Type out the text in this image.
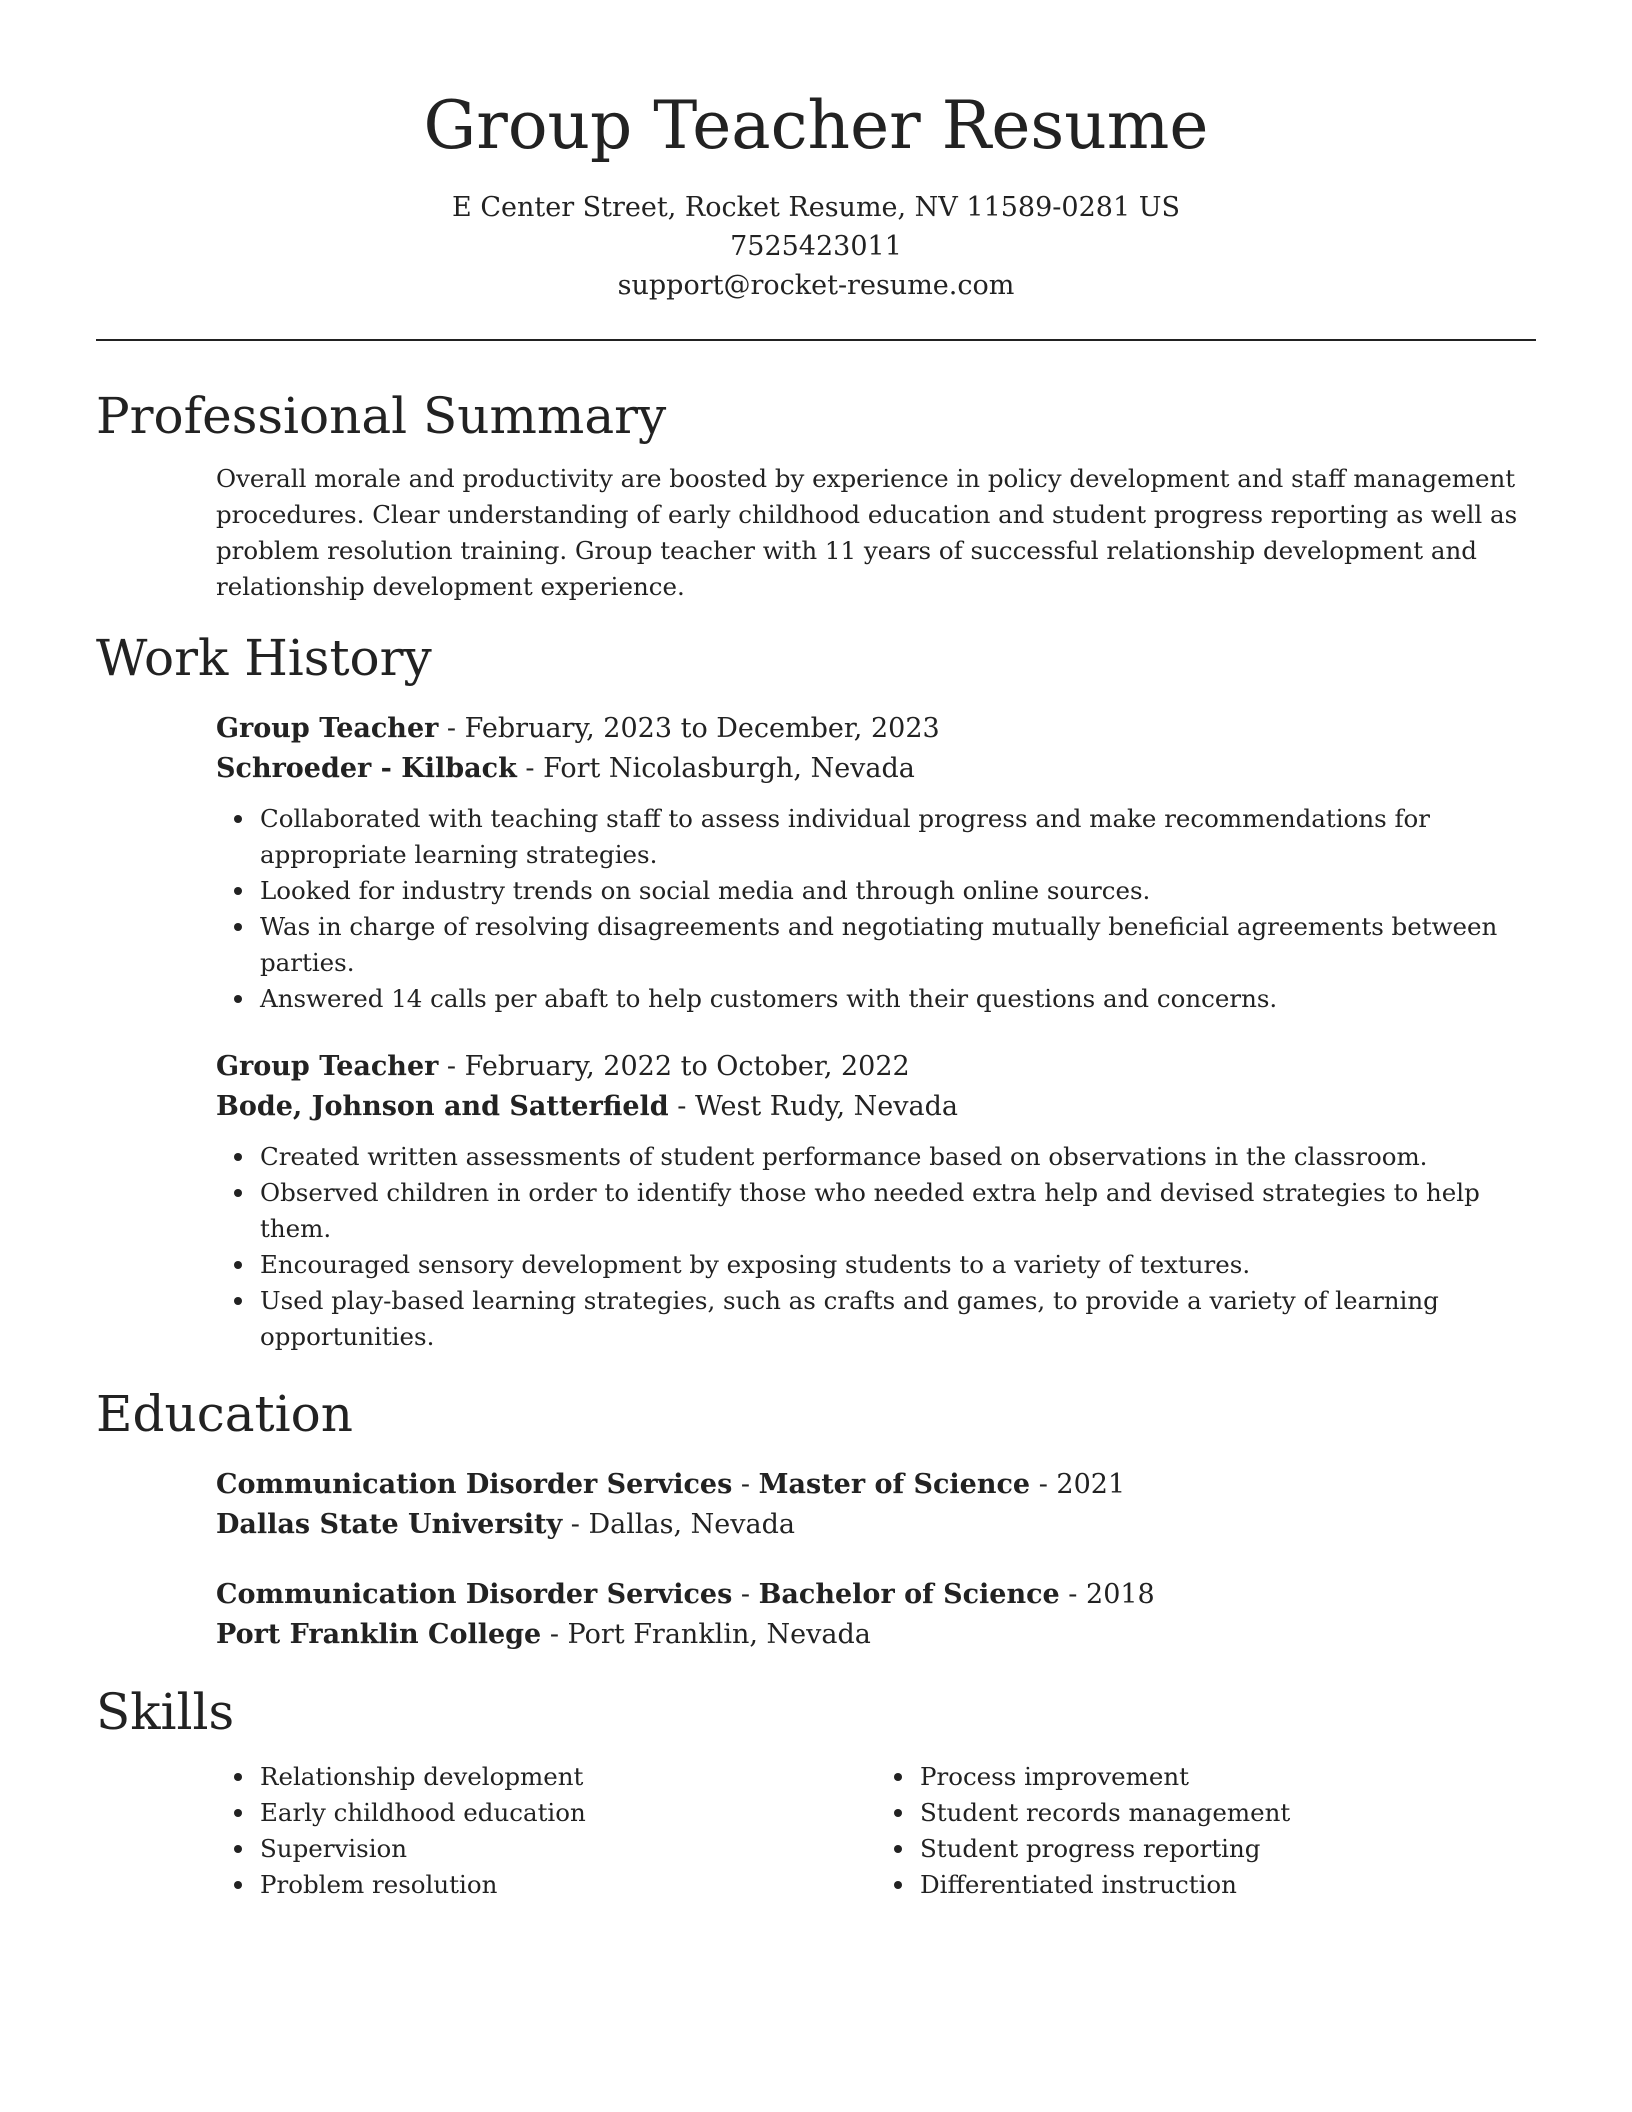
Group Teacher Resume
E Center Street, Rocket Resume, NV 11589-0281 US
7525423011
support@rocket-resume.com
Professional Summary
Overall morale and productivity are boosted by experience in policy development and staff management procedures. Clear understanding of early childhood education and student progress reporting as well as problem resolution training. Group teacher with 11 years of successful relationship development and relationship development experience.
Work History
Group Teacher - February, 2023 to December, 2023
Schroeder - Kilback - Fort Nicolasburgh, Nevada
Collaborated with teaching staff to assess individual progress and make recommendations for appropriate learning strategies.
Looked for industry trends on social media and through online sources.
Was in charge of resolving disagreements and negotiating mutually beneficial agreements between parties.
Answered 14 calls per abaft to help customers with their questions and concerns.
Group Teacher - February, 2022 to October, 2022
Bode, Johnson and Satterfield - West Rudy, Nevada
Created written assessments of student performance based on observations in the classroom.
Observed children in order to identify those who needed extra help and devised strategies to help them.
Encouraged sensory development by exposing students to a variety of textures.
Used play-based learning strategies, such as crafts and games, to provide a variety of learning opportunities.
Education
Communication Disorder Services - Master of Science - 2021
Dallas State University - Dallas, Nevada
Communication Disorder Services - Bachelor of Science - 2018
Port Franklin College - Port Franklin, Nevada
Skills
Relationship development
Early childhood education
Supervision
Problem resolution
Process improvement
Student records management
Student progress reporting
Differentiated instruction
